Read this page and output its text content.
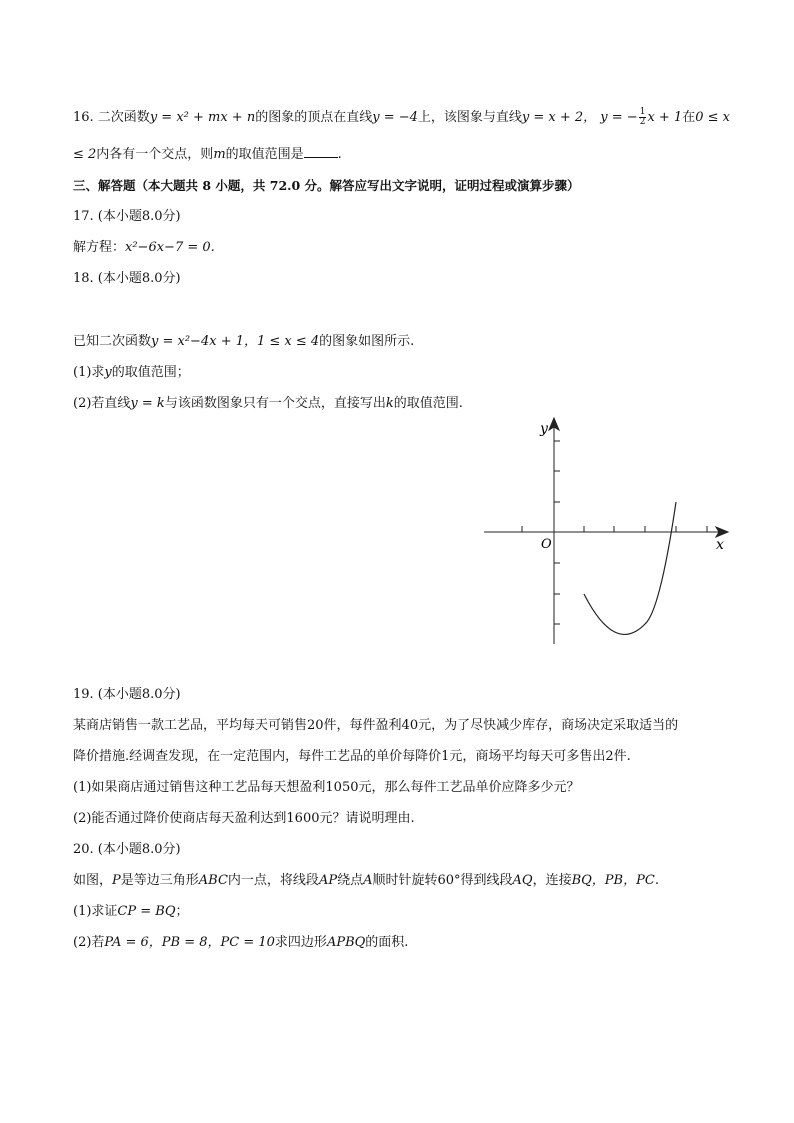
16. 二次函数y = x² + mx + n的图象的顶点在直线y = −4上，该图象与直线y = x + 2， y = − $\frac{1}{2}$ x + 1在0 ≤ x
≤ 2内各有一个交点，则m的取值范围是	.
三、解答题（本大题共 8 小题，共 72.0 分。解答应写出文字说明，证明过程或演算步骤）
17. (本小题8.0分)
解方程：x²−6x−7 = 0.
18. (本小题8.0分)
已知二次函数y = x²−4x + 1，1 ≤ x ≤ 4的图象如图所示.
(1)求y的取值范围；
(2)若直线y = k与该函数图象只有一个交点，直接写出k的取值范围.
y
x
O
19. (本小题8.0分)
某商店销售一款工艺品，平均每天可销售20件，每件盈利40元，为了尽快减少库存，商场决定采取适当的
降价措施.经调查发现，在一定范围内，每件工艺品的单价每降价1元，商场平均每天可多售出2件.
(1)如果商店通过销售这种工艺品每天想盈利1050元，那么每件工艺品单价应降多少元？
(2)能否通过降价使商店每天盈利达到1600元？请说明理由.
20. (本小题8.0分)
如图，P是等边三角形ABC内一点，将线段AP绕点A顺时针旋转60°得到线段AQ，连接BQ，PB，PC.
(1)求证CP = BQ；
(2)若PA = 6，PB = 8，PC = 10求四边形APBQ的面积.
